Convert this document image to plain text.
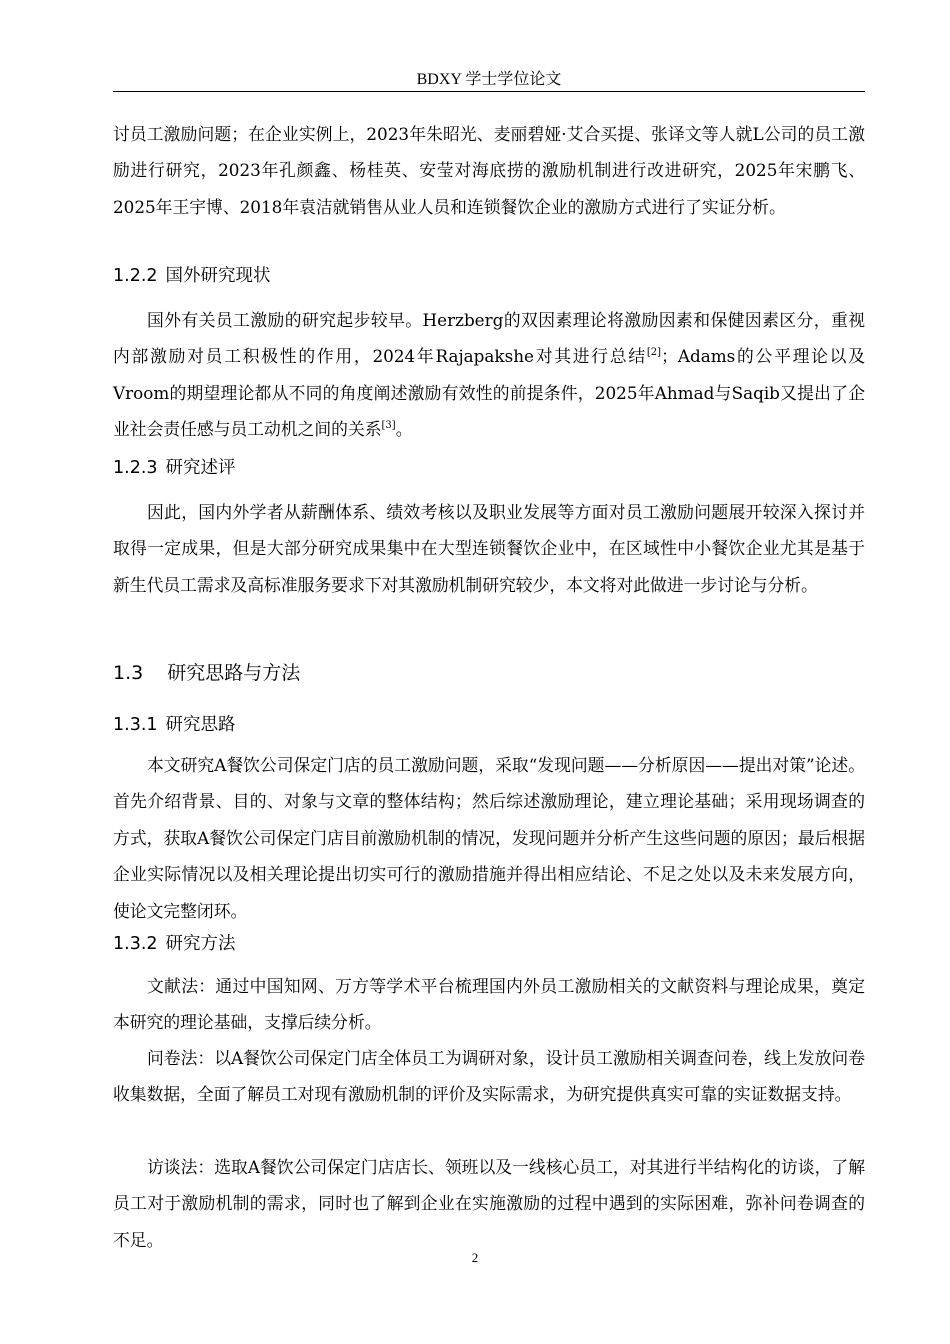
BDXY 学士学位论文

讨员工激励问题；在企业实例上，2023年朱昭光、麦丽碧娅·艾合买提、张译文等人就L公司的员工激励进行研究，2023年孔颜鑫、杨桂英、安莹对海底捞的激励机制进行改进研究，2025年宋鹏飞、2025年王宇博、2018年袁洁就销售从业人员和连锁餐饮企业的激励方式进行了实证分析。

1.2.2 国外研究现状

国外有关员工激励的研究起步较早。Herzberg的双因素理论将激励因素和保健因素区分，重视内部激励对员工积极性的作用，2024年Rajapakshe对其进行总结[2]；Adams的公平理论以及Vroom的期望理论都从不同的角度阐述激励有效性的前提条件，2025年Ahmad与Saqib又提出了企业社会责任感与员工动机之间的关系[3]。

1.2.3 研究述评

因此，国内外学者从薪酬体系、绩效考核以及职业发展等方面对员工激励问题展开较深入探讨并取得一定成果，但是大部分研究成果集中在大型连锁餐饮企业中，在区域性中小餐饮企业尤其是基于新生代员工需求及高标准服务要求下对其激励机制研究较少，本文将对此做进一步讨论与分析。

1.3 研究思路与方法
1.3.1 研究思路

本文研究A餐饮公司保定门店的员工激励问题，采取“发现问题——分析原因——提出对策”论述。首先介绍背景、目的、对象与文章的整体结构；然后综述激励理论，建立理论基础；采用现场调查的方式，获取A餐饮公司保定门店目前激励机制的情况，发现问题并分析产生这些问题的原因；最后根据企业实际情况以及相关理论提出切实可行的激励措施并得出相应结论、不足之处以及未来发展方向，使论文完整闭环。

1.3.2 研究方法

文献法：通过中国知网、万方等学术平台梳理国内外员工激励相关的文献资料与理论成果，奠定本研究的理论基础，支撑后续分析。

问卷法：以A餐饮公司保定门店全体员工为调研对象，设计员工激励相关调查问卷，线上发放问卷收集数据，全面了解员工对现有激励机制的评价及实际需求，为研究提供真实可靠的实证数据支持。

访谈法：选取A餐饮公司保定门店店长、领班以及一线核心员工，对其进行半结构化的访谈，了解员工对于激励机制的需求，同时也了解到企业在实施激励的过程中遇到的实际困难，弥补问卷调查的不足。

2
